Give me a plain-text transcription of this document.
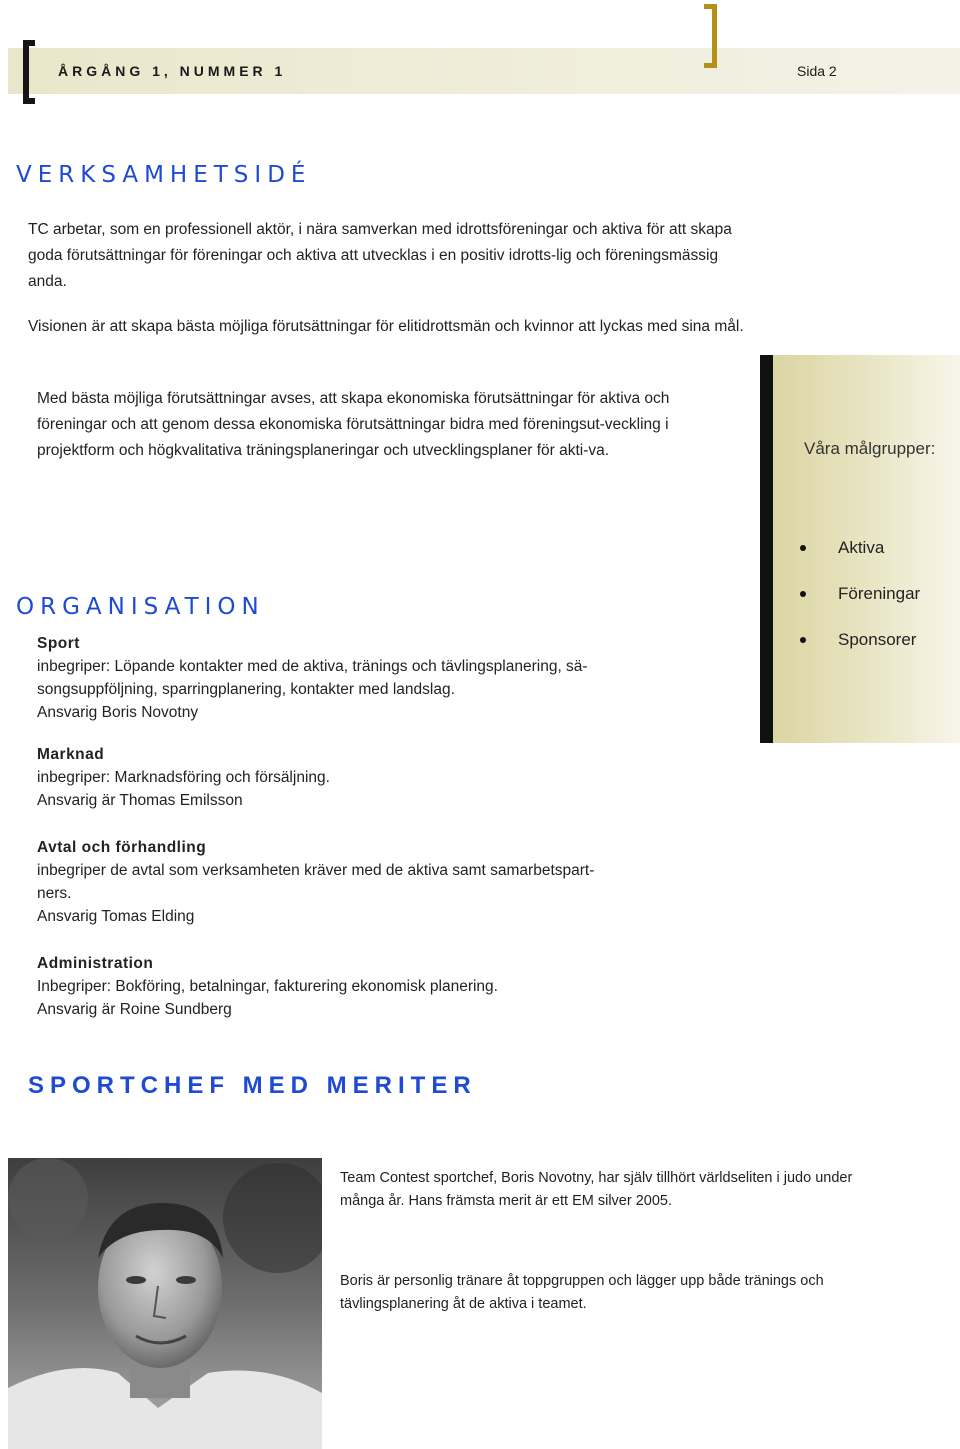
ÅRGÅNG 1, NUMMER 1	Sida 2
VERKSAMHETSIDÉ

TC arbetar, som en professionell aktör, i nära samverkan med idrottsföreningar och aktiva för att skapa goda förutsättningar för föreningar och aktiva att utvecklas i en positiv idrotts-lig och föreningsmässig anda.

Visionen är att skapa bästa möjliga förutsättningar för elitidrottsmän och kvinnor att lyckas med sina mål.

Med bästa möjliga förutsättningar avses, att skapa ekonomiska förutsättningar för aktiva och föreningar och att genom dessa ekonomiska förutsättningar bidra med föreningsut-veckling i projektform och högkvalitativa träningsplaneringar och utvecklingsplaner för akti-va.	Våra målgrupper:
Aktiva
Föreningar
Sponsorer
ORGANISATION
Sport
inbegriper: Löpande kontakter med de aktiva, tränings och tävlingsplanering, sä-
songsuppföljning, sparringplanering, kontakter med landslag.
Ansvarig Boris Novotny
Marknad
inbegriper: Marknadsföring och försäljning.
Ansvarig är Thomas Emilsson
Avtal och förhandling
inbegriper de avtal som verksamheten kräver med de aktiva samt samarbetspart-
ners.
Ansvarig Tomas Elding
Administration
Inbegriper: Bokföring, betalningar, fakturering ekonomisk planering.
Ansvarig är Roine Sundberg
SPORTCHEF MED MERITER

Team Contest sportchef, Boris Novotny, har själv tillhört världseliten i judo under många år. Hans främsta merit är ett EM silver 2005.

Boris är personlig tränare åt toppgruppen och lägger upp både tränings och tävlingsplanering åt de aktiva i teamet.
